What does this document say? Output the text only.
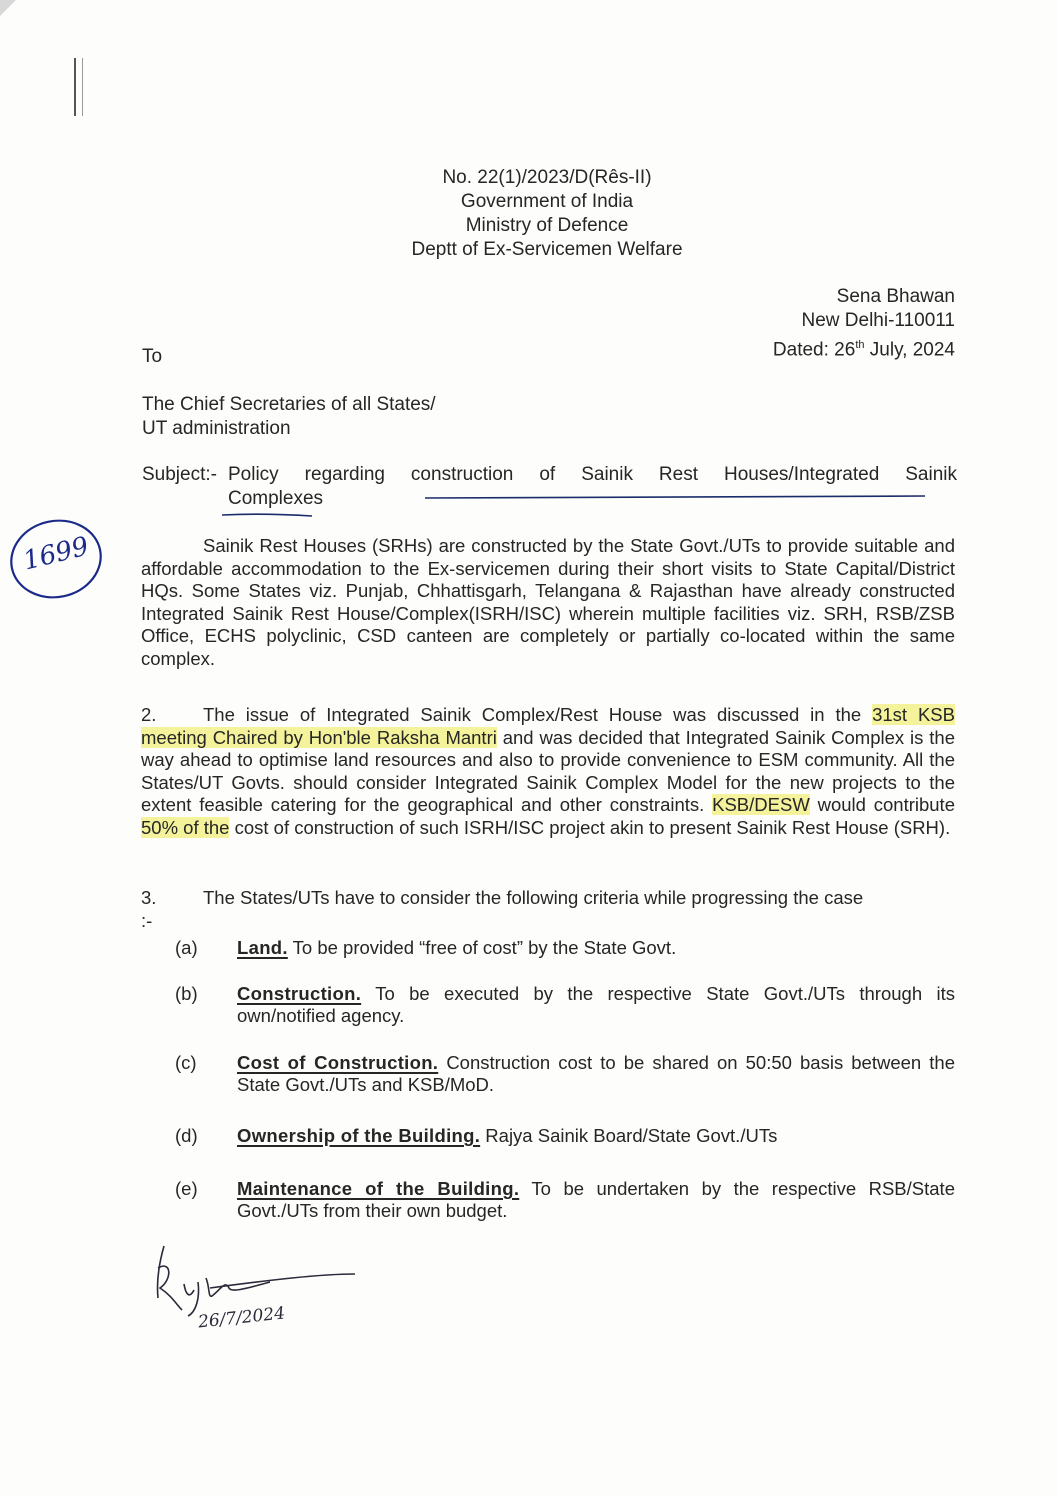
No. 22(1)/2023/D(Rês-II)
Government of India
Ministry of Defence
Deptt of Ex-Servicemen Welfare
Sena Bhawan
New Delhi-110011
Dated: 26th July, 2024
To
The Chief Secretaries of all States/
UT administration
Subject:- Policy regarding construction of Sainik Rest Houses/Integrated Sainik
Complexes
1699	Sainik Rest Houses (SRHs) are constructed by the State Govt./UTs to provide suitable and affordable accommodation to the Ex-servicemen during their short visits to State Capital/District HQs. Some States viz. Punjab, Chhattisgarh, Telangana & Rajasthan have already constructed Integrated Sainik Rest House/Complex(ISRH/ISC) wherein multiple facilities viz. SRH, RSB/ZSB Office, ECHS polyclinic, CSD canteen are completely or partially co-located within the same complex.
2.	The issue of Integrated Sainik Complex/Rest House was discussed in the 31st KSB meeting Chaired by Hon'ble Raksha Mantri and was decided that Integrated Sainik Complex is the way ahead to optimise land resources and also to provide convenience to ESM community. All the States/UT Govts. should consider Integrated Sainik Complex Model for the new projects to the extent feasible catering for the geographical and other constraints. KSB/DESW would contribute 50% of the cost of construction of such ISRH/ISC project akin to present Sainik Rest House (SRH).
3.	The States/UTs have to consider the following criteria while progressing the case
:-
(a) Land. To be provided “free of cost” by the State Govt.
(b) Construction. To be executed by the respective State Govt./UTs through its own/notified agency.
(c) Cost of Construction. Construction cost to be shared on 50:50 basis between the State Govt./UTs and KSB/MoD.
(d) Ownership of the Building. Rajya Sainik Board/State Govt./UTs
(e) Maintenance of the Building. To be undertaken by the respective RSB/State Govt./UTs from their own budget.
26/7/2024
